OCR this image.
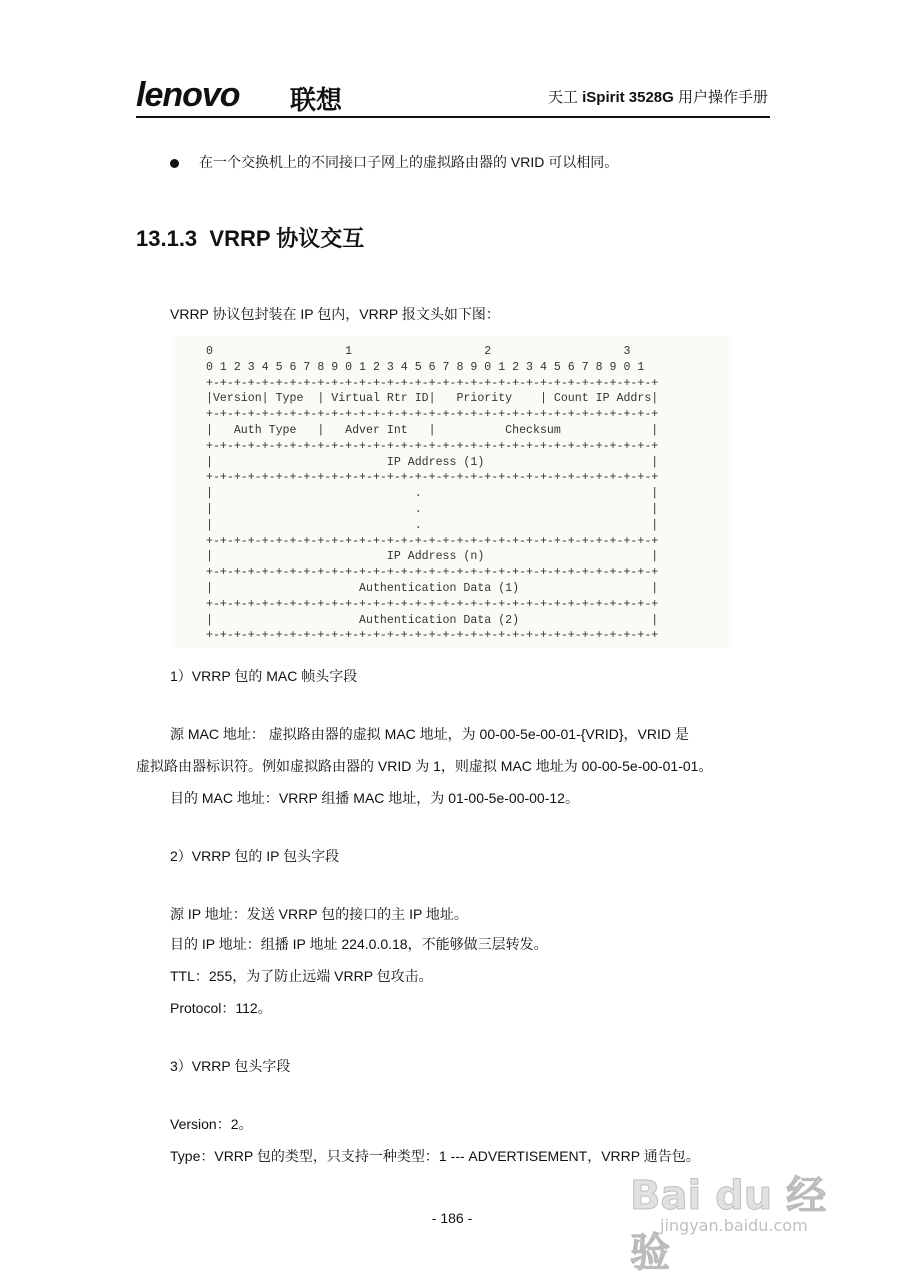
lenovo 联想	天工 iSpirit 3528G 用户操作手册
在一个交换机上的不同接口子网上的虚拟路由器的 VRID 可以相同。
13.1.3 VRRP 协议交互
VRRP 协议包封装在 IP 包内，VRRP 报文头如下图：
0                   1                   2                   3
0 1 2 3 4 5 6 7 8 9 0 1 2 3 4 5 6 7 8 9 0 1 2 3 4 5 6 7 8 9 0 1
+-+-+-+-+-+-+-+-+-+-+-+-+-+-+-+-+-+-+-+-+-+-+-+-+-+-+-+-+-+-+-+-+
|Version| Type  | Virtual Rtr ID|   Priority    | Count IP Addrs|
+-+-+-+-+-+-+-+-+-+-+-+-+-+-+-+-+-+-+-+-+-+-+-+-+-+-+-+-+-+-+-+-+
|   Auth Type   |   Adver Int   |          Checksum             |
+-+-+-+-+-+-+-+-+-+-+-+-+-+-+-+-+-+-+-+-+-+-+-+-+-+-+-+-+-+-+-+-+
|                         IP Address (1)                        |
+-+-+-+-+-+-+-+-+-+-+-+-+-+-+-+-+-+-+-+-+-+-+-+-+-+-+-+-+-+-+-+-+
|                             .                                 |
|                             .                                 |
|                             .                                 |
+-+-+-+-+-+-+-+-+-+-+-+-+-+-+-+-+-+-+-+-+-+-+-+-+-+-+-+-+-+-+-+-+
|                         IP Address (n)                        |
+-+-+-+-+-+-+-+-+-+-+-+-+-+-+-+-+-+-+-+-+-+-+-+-+-+-+-+-+-+-+-+-+
|                     Authentication Data (1)                   |
+-+-+-+-+-+-+-+-+-+-+-+-+-+-+-+-+-+-+-+-+-+-+-+-+-+-+-+-+-+-+-+-+
|                     Authentication Data (2)                   |
+-+-+-+-+-+-+-+-+-+-+-+-+-+-+-+-+-+-+-+-+-+-+-+-+-+-+-+-+-+-+-+-+
1）VRRP 包的 MAC 帧头字段
源 MAC 地址： 虚拟路由器的虚拟 MAC 地址，为 00-00-5e-00-01-{VRID}，VRID 是
虚拟路由器标识符。例如虚拟路由器的 VRID 为 1，则虚拟 MAC 地址为 00-00-5e-00-01-01。
目的 MAC 地址：VRRP 组播 MAC 地址，为 01-00-5e-00-00-12。
2）VRRP 包的 IP 包头字段
源 IP 地址：发送 VRRP 包的接口的主 IP 地址。
目的 IP 地址：组播 IP 地址 224.0.0.18，不能够做三层转发。
TTL：255，为了防止远端 VRRP 包攻击。
Protocol：112。
3）VRRP 包头字段
Version：2。
Type：VRRP 包的类型，只支持一种类型：1 --- ADVERTISEMENT，VRRP 通告包。
- 186 -	Bai du 经验
jingyan.baidu.com
